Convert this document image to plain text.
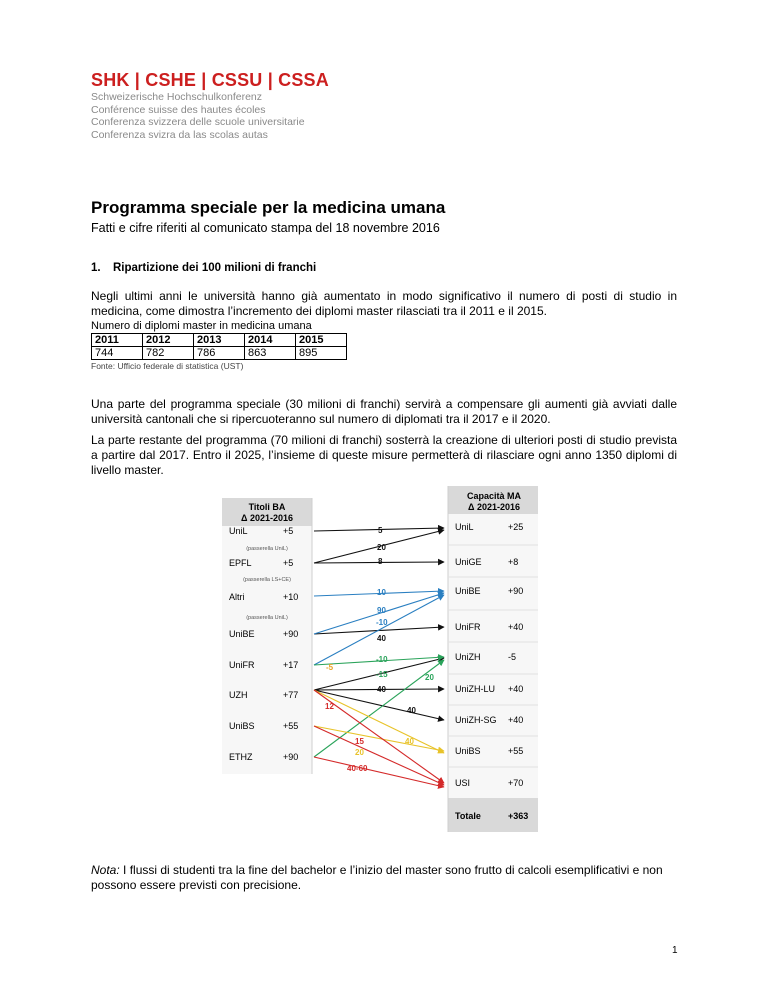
SHK | CSHE | CSSU | CSSA
Schweizerische Hochschulkonferenz
Conférence suisse des hautes écoles
Conferenza svizzera delle scuole universitarie
Conferenza svizra da las scolas autas
Programma speciale per la medicina umana
Fatti e cifre riferiti al comunicato stampa del 18 novembre 2016
1. Ripartizione dei 100 milioni di franchi
Negli ultimi anni le università hanno già aumentato in modo significativo il numero di posti di studio in medicina, come dimostra l’incremento dei diplomi master rilasciati tra il 2011 e il 2015.
Numero di diplomi master in medicina umana
2011	2012	2013	2014	2015
744	782	786	863	895
Fonte: Ufficio federale di statistica (UST)
Una parte del programma speciale (30 milioni di franchi) servirà a compensare gli aumenti già avviati dalle università cantonali che si ripercuoteranno sul numero di diplomati tra il 2017 e il 2020.
La parte restante del programma (70 milioni di franchi) sosterrà la creazione di ulteriori posti di studio prevista a partire dal 2017. Entro il 2025, l’insieme di queste misure permetterà di rilasciare ogni anno 1350 diplomi di livello master.
Titoli BA
Δ 2021-2016
UniL	+5
(passerella UniL)
EPFL	+5
(passerella LS+CE)
Altri	+10
(passerella UniL)
UniBE	+90
UniFR	+17
UZH	+77
UniBS	+55
ETHZ	+90
Capacità MA
Δ 2021-2016
UniL	+25
UniGE	+8
UniBE	+90
UniFR	+40
UniZH	-5
UniZH-LU +40
UniZH-SG +40
UniBS	+55
USI	+70
Totale	+363
5
20
8
10
90
-10
40
-5
-10
-15	20
40
12	40
15
20
40
40-60
Nota: I flussi di studenti tra la fine del bachelor e l’inizio del master sono frutto di calcoli esemplificativi e non possono essere previsti con precisione.
1
